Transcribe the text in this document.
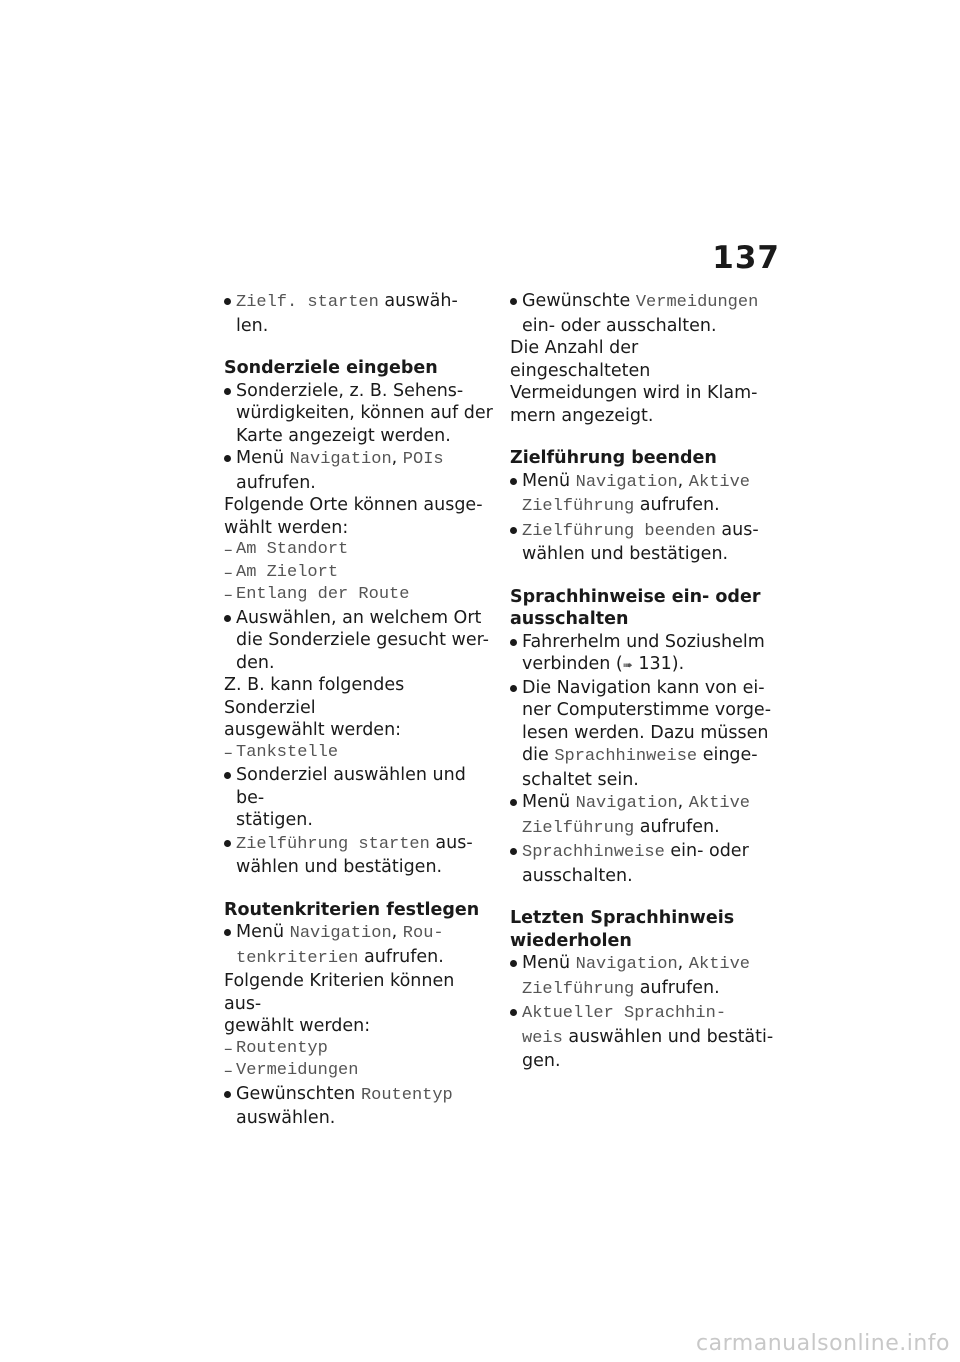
137
Zielf. starten auswäh-
len.
Sonderziele eingeben
Sonderziele, z. B. Sehens-
würdigkeiten, können auf der
Karte angezeigt werden.
Menü Navigation, POIs
aufrufen.
Folgende Orte können ausge-
wählt werden:
– Am Standort
– Am Zielort
– Entlang der Route
Auswählen, an welchem Ort
die Sonderziele gesucht wer-
den.
Z. B. kann folgendes Sonderziel
ausgewählt werden:
– Tankstelle
Sonderziel auswählen und be-
stätigen.
Zielführung starten aus-
wählen und bestätigen.
Routenkriterien festlegen
Menü Navigation, Rou-
tenkriterien aufrufen.
Folgende Kriterien können aus-
gewählt werden:
– Routentyp
– Vermeidungen
Gewünschten Routentyp
auswählen.
Gewünschte Vermeidungen
ein- oder ausschalten.
Die Anzahl der eingeschalteten
Vermeidungen wird in Klam-
mern angezeigt.
Zielführung beenden
Menü Navigation, Aktive
Zielführung aufrufen.
Zielführung beenden aus-
wählen und bestätigen.
Sprachhinweise ein- oder
ausschalten
Fahrerhelm und Soziushelm
verbinden (➠ 131).
Die Navigation kann von ei-
ner Computerstimme vorge-
lesen werden. Dazu müssen
die Sprachhinweise einge-
schaltet sein.
Menü Navigation, Aktive
Zielführung aufrufen.
Sprachhinweise ein- oder
ausschalten.
Letzten Sprachhinweis
wiederholen
Menü Navigation, Aktive
Zielführung aufrufen.
Aktueller Sprachhin-
weis auswählen und bestäti-
gen.
carmanualsonline.info
